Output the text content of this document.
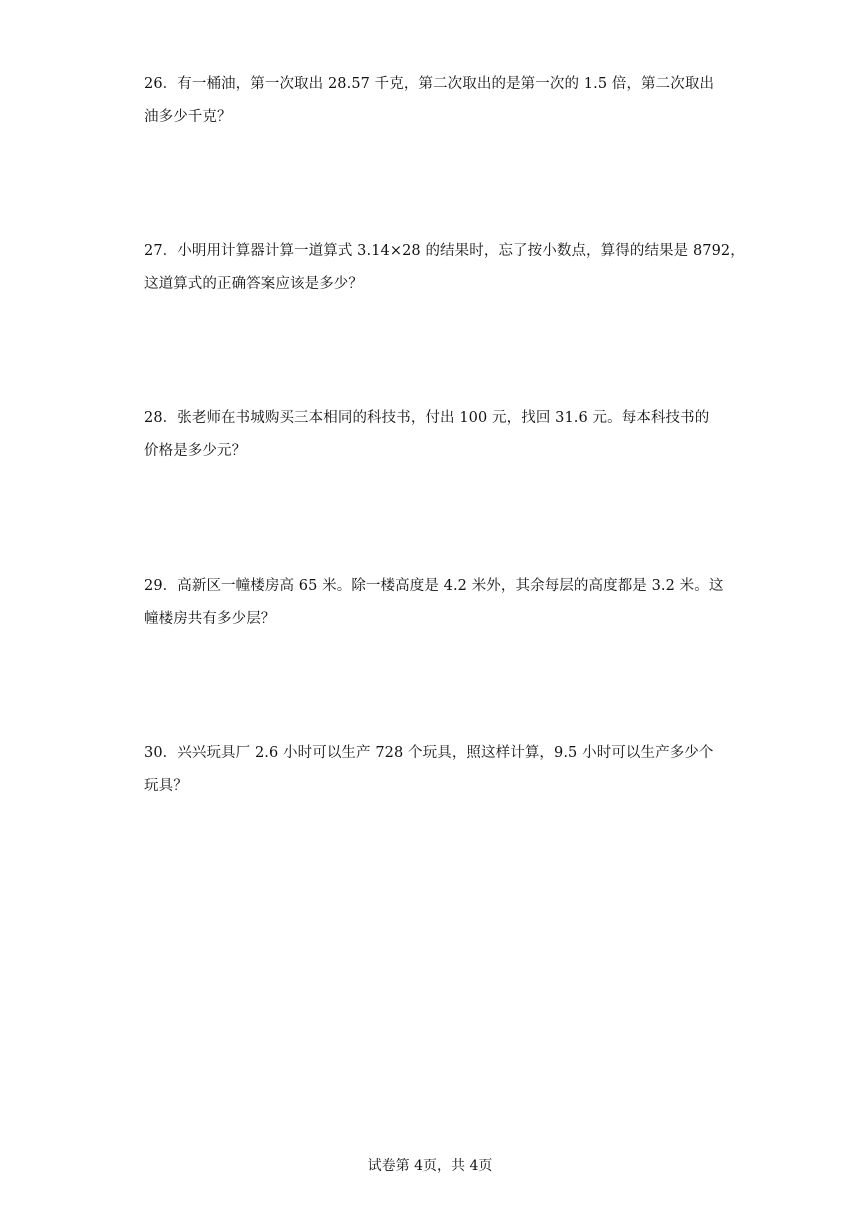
26．有一桶油，第一次取出 28.57 千克，第二次取出的是第一次的 1.5 倍，第二次取出
油多少千克？

27．小明用计算器计算一道算式 3.14×28 的结果时，忘了按小数点，算得的结果是 8792，
这道算式的正确答案应该是多少？

28．张老师在书城购买三本相同的科技书，付出 100 元，找回 31.6 元。每本科技书的
价格是多少元？

29．高新区一幢楼房高 65 米。除一楼高度是 4.2 米外，其余每层的高度都是 3.2 米。这
幢楼房共有多少层？

30．兴兴玩具厂 2.6 小时可以生产 728 个玩具，照这样计算，9.5 小时可以生产多少个
玩具？

试卷第 4页，共 4页
